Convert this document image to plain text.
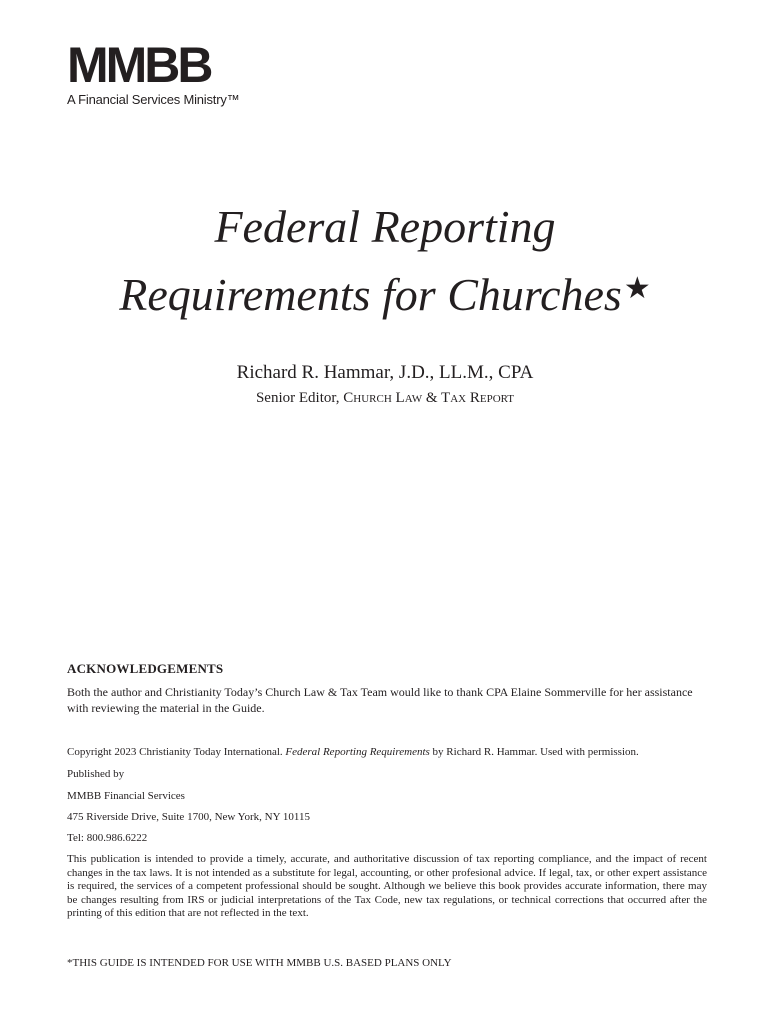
MMBB
A Financial Services Ministry™
Federal Reporting
Requirements for Churches★
Richard R. Hammar, J.D., LL.M., CPA
Senior Editor, Church Law & Tax Report
ACKNOWLEDGEMENTS
Both the author and Christianity Today’s Church Law & Tax Team would like to thank CPA Elaine Sommerville for her assistance with reviewing the material in the Guide.
Copyright 2023 Christianity Today International. Federal Reporting Requirements by Richard R. Hammar. Used with permission.
Published by
MMBB Financial Services
475 Riverside Drive, Suite 1700, New York, NY 10115
Tel: 800.986.6222
This publication is intended to provide a timely, accurate, and authoritative discussion of tax reporting compliance, and the impact of recent changes in the tax laws. It is not intended as a substitute for legal, accounting, or other profesional advice. If legal, tax, or other expert assistance is required, the services of a competent professional should be sought. Although we believe this book provides accurate information, there may be changes resulting from IRS or judicial interpretations of the Tax Code, new tax regulations, or technical corrections that occurred after the printing of this edition that are not reflected in the text.
*THIS GUIDE IS INTENDED FOR USE WITH MMBB U.S. BASED PLANS ONLY
